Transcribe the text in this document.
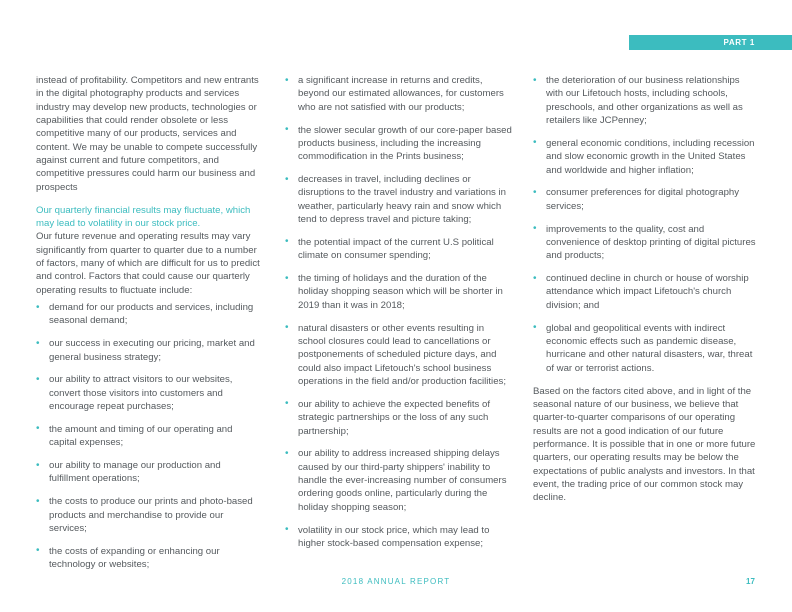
PART 1

instead of profitability. Competitors and new entrants in the digital photography products and services industry may develop new products, technologies or capabilities that could render obsolete or less competitive many of our products, services and content. We may be unable to compete successfully against current and future competitors, and competitive pressures could harm our business and prospects

Our quarterly financial results may fluctuate, which may lead to volatility in our stock price.

Our future revenue and operating results may vary significantly from quarter to quarter due to a number of factors, many of which are difficult for us to predict and control. Factors that could cause our quarterly operating results to fluctuate include:

• demand for our products and services, including seasonal demand;
• our success in executing our pricing, market and general business strategy;
• our ability to attract visitors to our websites, convert those visitors into customers and encourage repeat purchases;
• the amount and timing of our operating and capital expenses;
• our ability to manage our production and fulfillment operations;
• the costs to produce our prints and photo-based products and merchandise to provide our services;
• the costs of expanding or enhancing our technology or websites;
• a significant increase in returns and credits, beyond our estimated allowances, for customers who are not satisfied with our products;
• the slower secular growth of our core-paper based products business, including the increasing commodification in the Prints business;
• decreases in travel, including declines or disruptions to the travel industry and variations in weather, particularly heavy rain and snow which tend to depress travel and picture taking;
• the potential impact of the current U.S political climate on consumer spending;
• the timing of holidays and the duration of the holiday shopping season which will be shorter in 2019 than it was in 2018;
• natural disasters or other events resulting in school closures could lead to cancellations or postponements of scheduled picture days, and could also impact Lifetouch's school business operations in the field and/or production facilities;
• our ability to achieve the expected benefits of strategic partnerships or the loss of any such partnership;
• our ability to address increased shipping delays caused by our third-party shippers' inability to handle the ever-increasing number of consumers ordering goods online, particularly during the holiday shopping season;
• volatility in our stock price, which may lead to higher stock-based compensation expense;
• the deterioration of our business relationships with our Lifetouch hosts, including schools, preschools, and other organizations as well as retailers like JCPenney;
• general economic conditions, including recession and slow economic growth in the United States and worldwide and higher inflation;
• consumer preferences for digital photography services;
• improvements to the quality, cost and convenience of desktop printing of digital pictures and products;
• continued decline in church or house of worship attendance which impact Lifetouch's church division; and
• global and geopolitical events with indirect economic effects such as pandemic disease, hurricane and other natural disasters, war, threat of war or terrorist actions.

Based on the factors cited above, and in light of the seasonal nature of our business, we believe that quarter-to-quarter comparisons of our operating results are not a good indication of our future performance. It is possible that in one or more future quarters, our operating results may be below the expectations of public analysts and investors. In that event, the trading price of our common stock may decline.

2018 ANNUAL REPORT	17
